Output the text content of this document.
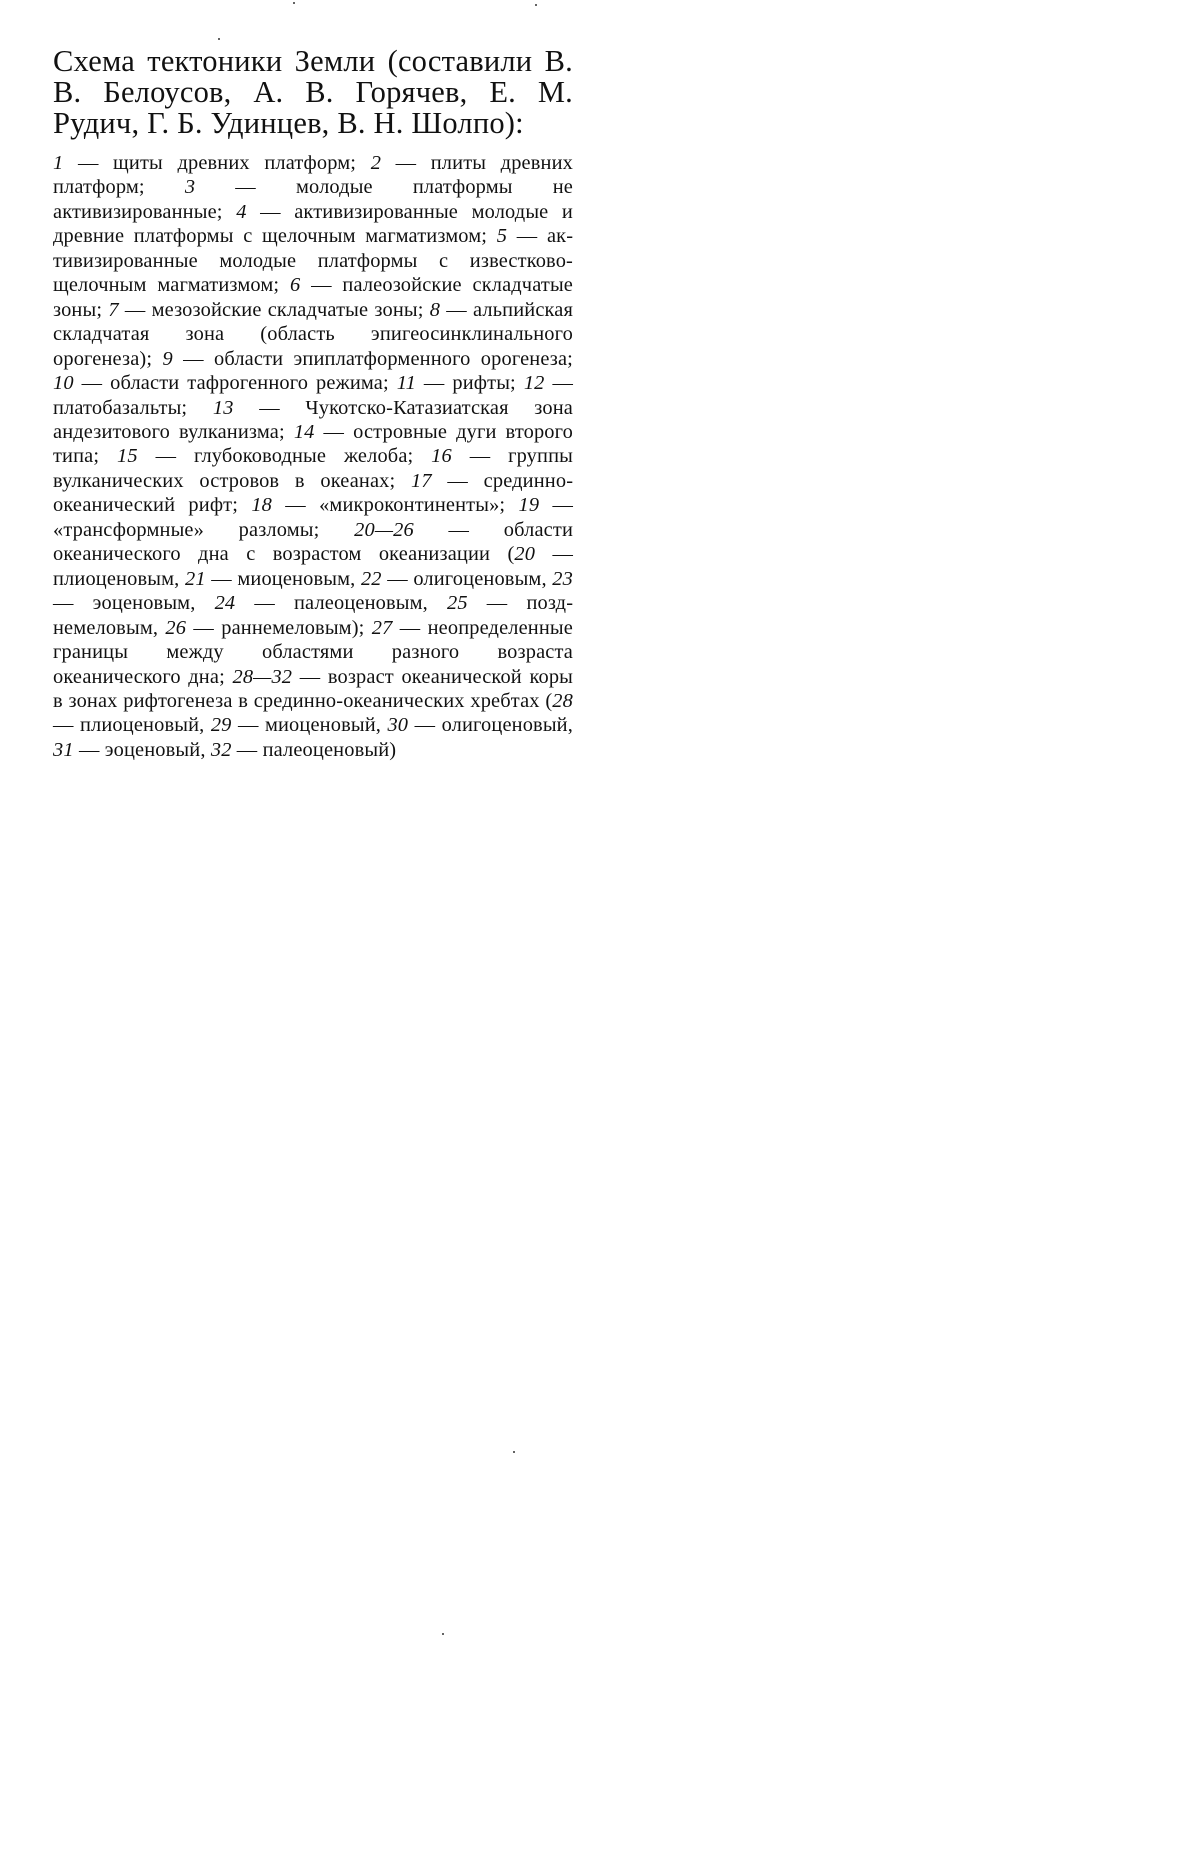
Схема тектоники Земли (составили В. В. Белоусов, А. В. Горячев, Е. М. Рудич, Г. Б. Удинцев, В. Н. Шолпо):

1 — щиты древних платформ; 2 — плиты древних платформ; 3 — молодые платформы не активизированные; 4 — активизированные молодые и древние платформы с щелочным магматизмом; 5 — активизированные молодые платформы с известково-щелочным магматизмом; 6 — палеозойские складчатые зоны; 7 — мезозойские складчатые зоны; 8 — альпийская складчатая зона (область эпигеосинклинального орогенеза); 9 — области эпиплатформенного орогенеза; 10 — области тафрогенного режима; 11 — рифты; 12 — платобазальты; 13 — Чукотско-Катазиатская зона андезитового вулканизма; 14 — островные дуги второго типа; 15 — глубоководные желоба; 16 — группы вулканических островов в океанах; 17 — срединноокеанический рифт; 18 — «микроконтиненты»; 19 — «трансформные» разломы; 20—26 — области океанического дна с возрастом океанизации (20 — плиоценовым, 21 — миоценовым, 22 — олигоценовым, 23 — эоценовым, 24 — палеоценовым, 25 — позднемеловым, 26 — раннемеловым); 27 — неопределенные границы между областями разного возраста океанического дна; 28—32 — возраст океанической коры в зонах рифтогенеза в срединно-океанических хребтах (28 — плиоценовый, 29 — миоценовый, 30 — олигоценовый, 31 — эоценовый, 32 — палеоценовый)
